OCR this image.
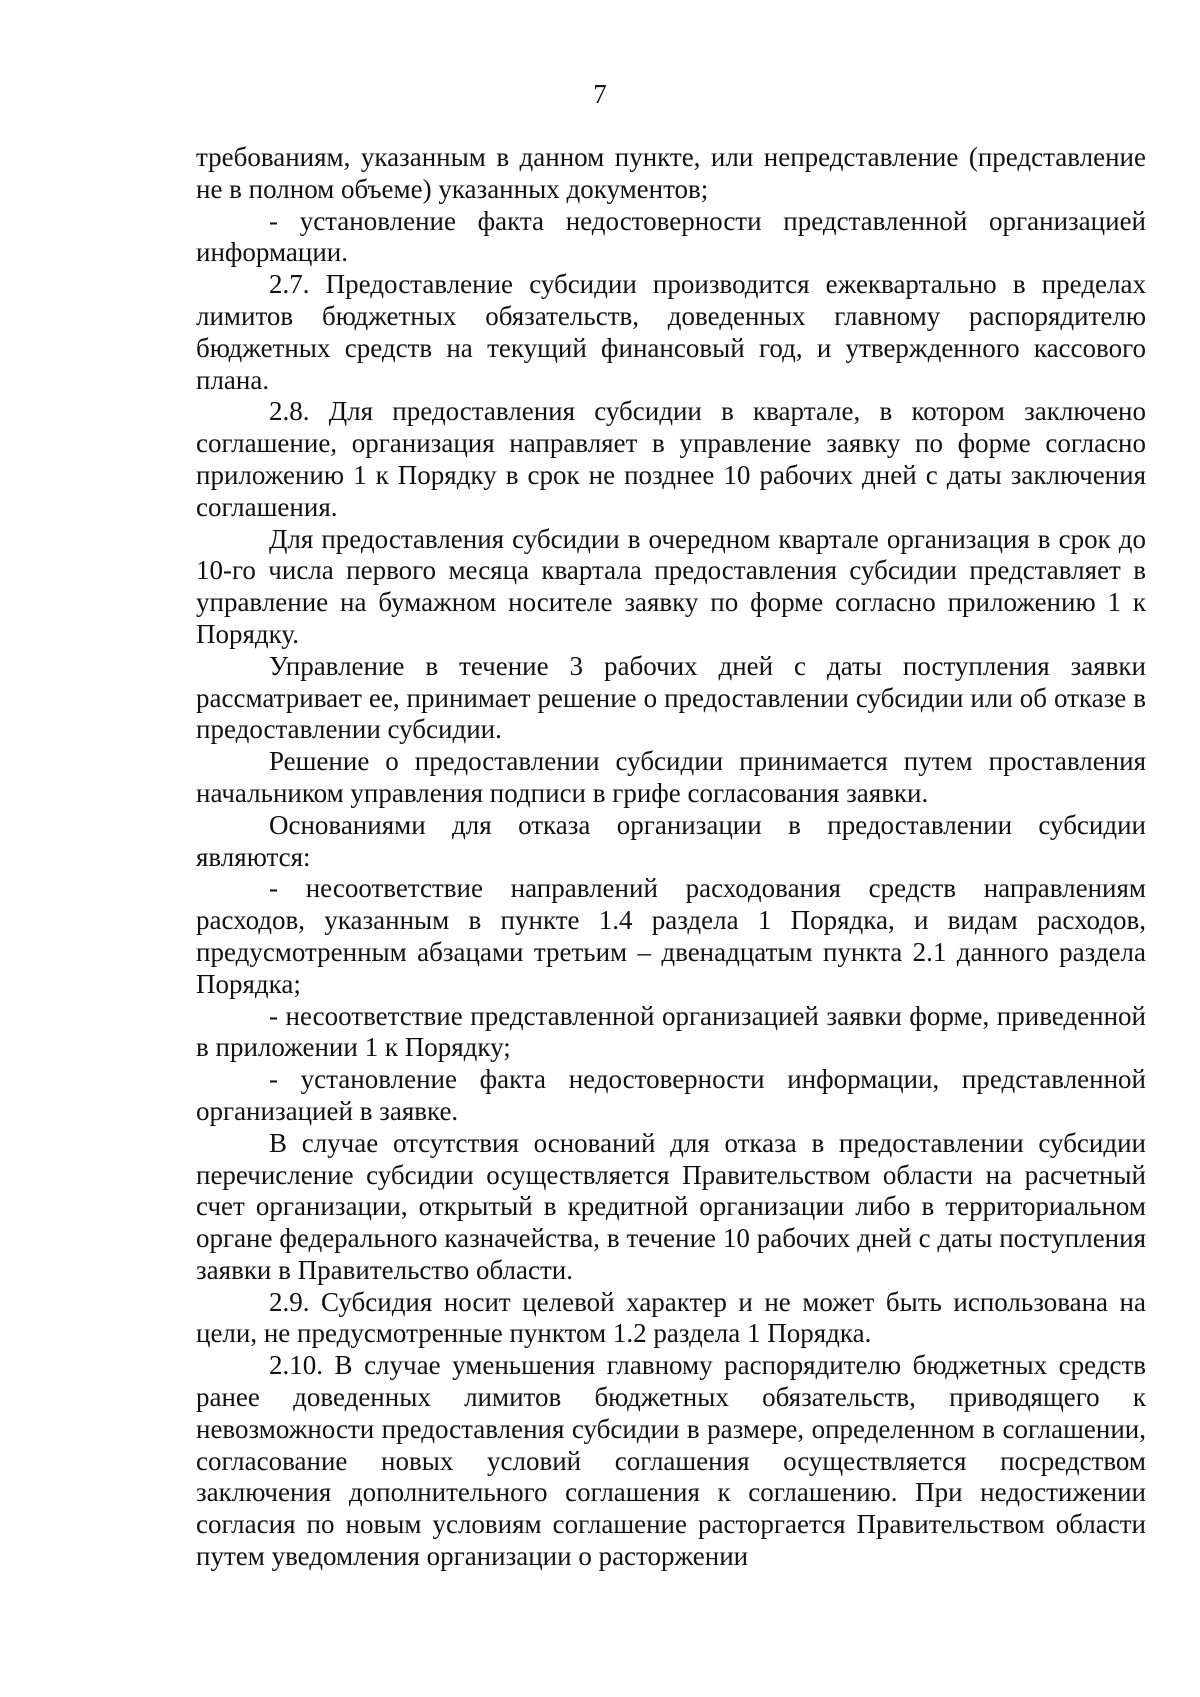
7

требованиям, указанным в данном пункте, или непредставление (представление не в полном объеме) указанных документов;

- установление факта недостоверности представленной организацией информации.

2.7. Предоставление субсидии производится ежеквартально в пределах лимитов бюджетных обязательств, доведенных главному распорядителю бюджетных средств на текущий финансовый год, и утвержденного кассового плана.

2.8. Для предоставления субсидии в квартале, в котором заключено соглашение, организация направляет в управление заявку по форме согласно приложению 1 к Порядку в срок не позднее 10 рабочих дней с даты заключения соглашения.

Для предоставления субсидии в очередном квартале организация в срок до 10-го числа первого месяца квартала предоставления субсидии представляет в управление на бумажном носителе заявку по форме согласно приложению 1 к Порядку.

Управление в течение 3 рабочих дней с даты поступления заявки рассматривает ее, принимает решение о предоставлении субсидии или об отказе в предоставлении субсидии.

Решение о предоставлении субсидии принимается путем проставления начальником управления подписи в грифе согласования заявки.

Основаниями для отказа организации в предоставлении субсидии являются:

- несоответствие направлений расходования средств направлениям расходов, указанным в пункте 1.4 раздела 1 Порядка, и видам расходов, предусмотренным абзацами третьим – двенадцатым пункта 2.1 данного раздела Порядка;

- несоответствие представленной организацией заявки форме, приведенной в приложении 1 к Порядку;

- установление факта недостоверности информации, представленной организацией в заявке.

В случае отсутствия оснований для отказа в предоставлении субсидии перечисление субсидии осуществляется Правительством области на расчетный счет организации, открытый в кредитной организации либо в территориальном органе федерального казначейства, в течение 10 рабочих дней с даты поступления заявки в Правительство области.

2.9. Субсидия носит целевой характер и не может быть использована на цели, не предусмотренные пунктом 1.2 раздела 1 Порядка.

2.10. В случае уменьшения главному распорядителю бюджетных средств ранее доведенных лимитов бюджетных обязательств, приводящего к невозможности предоставления субсидии в размере, определенном в соглашении, согласование новых условий соглашения осуществляется посредством заключения дополнительного соглашения к соглашению. При недостижении согласия по новым условиям соглашение расторгается Правительством области путем уведомления организации о расторжении
